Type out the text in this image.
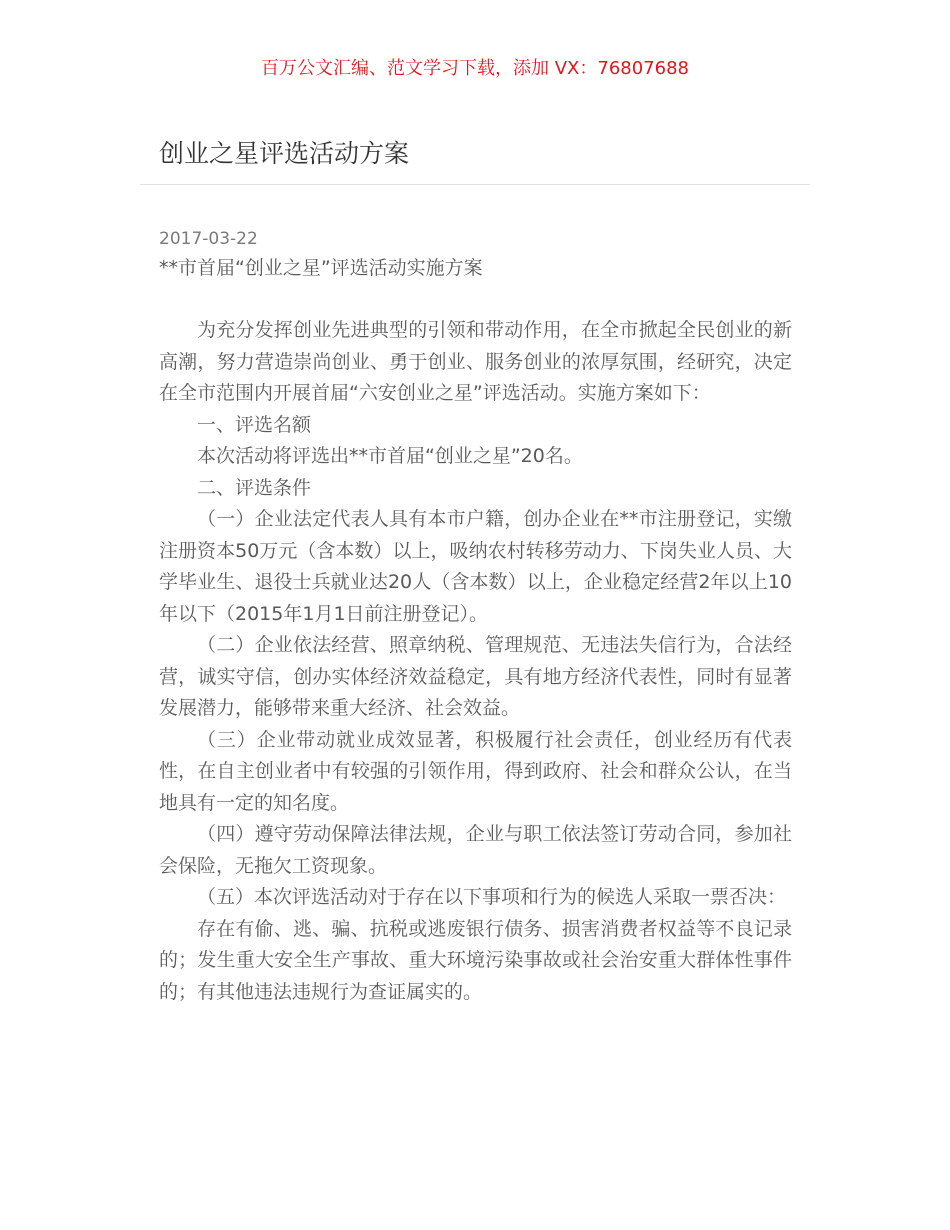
百万公文汇编、范文学习下载，添加 VX：76807688
创业之星评选活动方案
2017-03-22
**市首届“创业之星”评选活动实施方案

为充分发挥创业先进典型的引领和带动作用，在全市掀起全民创业的新高潮，努力营造崇尚创业、勇于创业、服务创业的浓厚氛围，经研究，决定在全市范围内开展首届“六安创业之星”评选活动。实施方案如下：

一、评选名额

本次活动将评选出**市首届“创业之星”20名。

二、评选条件

（一）企业法定代表人具有本市户籍，创办企业在**市注册登记，实缴注册资本50万元（含本数）以上，吸纳农村转移劳动力、下岗失业人员、大学毕业生、退役士兵就业达20人（含本数）以上，企业稳定经营2年以上10年以下（2015年1月1日前注册登记）。

（二）企业依法经营、照章纳税、管理规范、无违法失信行为，合法经营，诚实守信，创办实体经济效益稳定，具有地方经济代表性，同时有显著发展潜力，能够带来重大经济、社会效益。

（三）企业带动就业成效显著，积极履行社会责任，创业经历有代表性，在自主创业者中有较强的引领作用，得到政府、社会和群众公认，在当地具有一定的知名度。

（四）遵守劳动保障法律法规，企业与职工依法签订劳动合同，参加社会保险，无拖欠工资现象。

（五）本次评选活动对于存在以下事项和行为的候选人采取一票否决：

存在有偷、逃、骗、抗税或逃废银行债务、损害消费者权益等不良记录的；发生重大安全生产事故、重大环境污染事故或社会治安重大群体性事件的；有其他违法违规行为查证属实的。
